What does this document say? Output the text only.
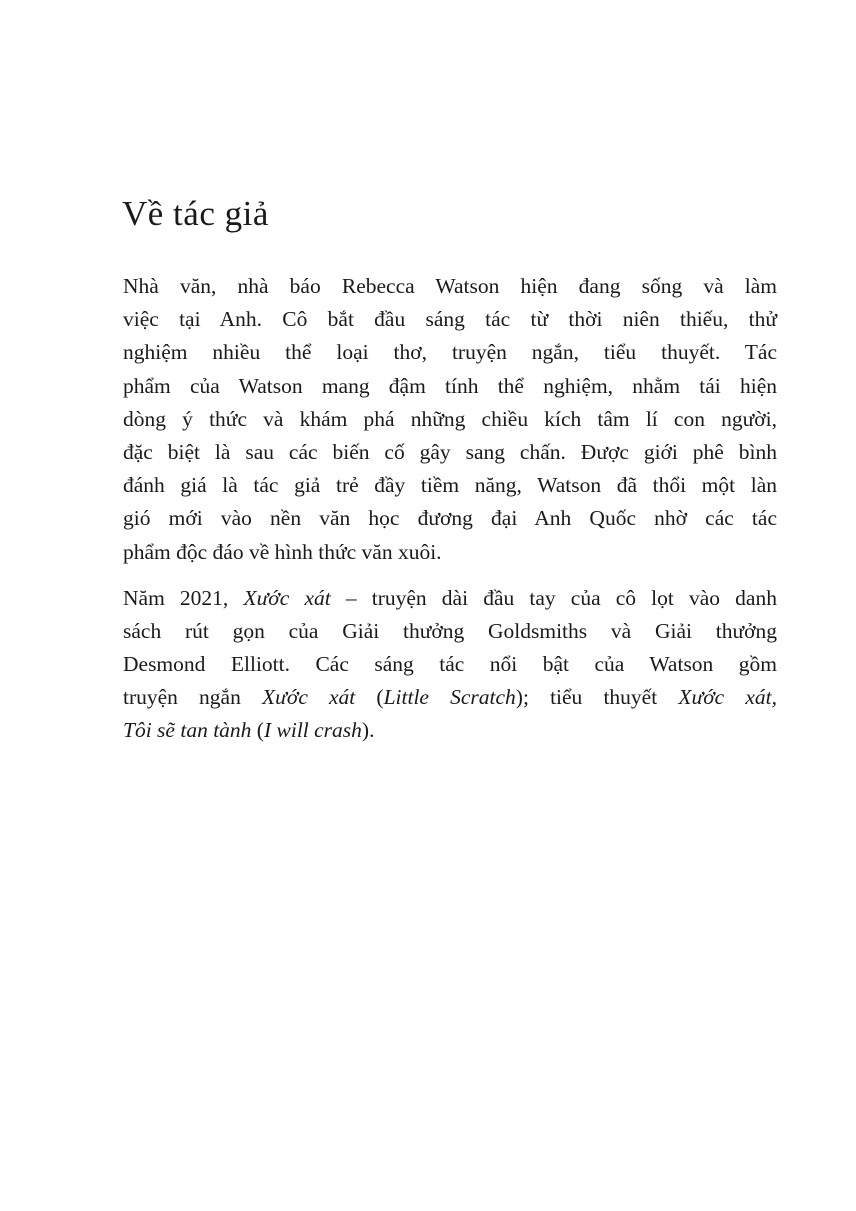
Về tác giả

Nhà văn, nhà báo Rebecca Watson hiện đang sống và làm
việc tại Anh. Cô bắt đầu sáng tác từ thời niên thiếu, thử
nghiệm nhiều thể loại thơ, truyện ngắn, tiểu thuyết. Tác
phẩm của Watson mang đậm tính thể nghiệm, nhằm tái hiện
dòng ý thức và khám phá những chiều kích tâm lí con người,
đặc biệt là sau các biến cố gây sang chấn. Được giới phê bình
đánh giá là tác giả trẻ đầy tiềm năng, Watson đã thổi một làn
gió mới vào nền văn học đương đại Anh Quốc nhờ các tác
phẩm độc đáo về hình thức văn xuôi.

Năm 2021, Xước xát – truyện dài đầu tay của cô lọt vào danh
sách rút gọn của Giải thưởng Goldsmiths và Giải thưởng
Desmond Elliott. Các sáng tác nổi bật của Watson gồm
truyện ngắn Xước xát (Little Scratch); tiểu thuyết Xước xát,
Tôi sẽ tan tành (I will crash).
